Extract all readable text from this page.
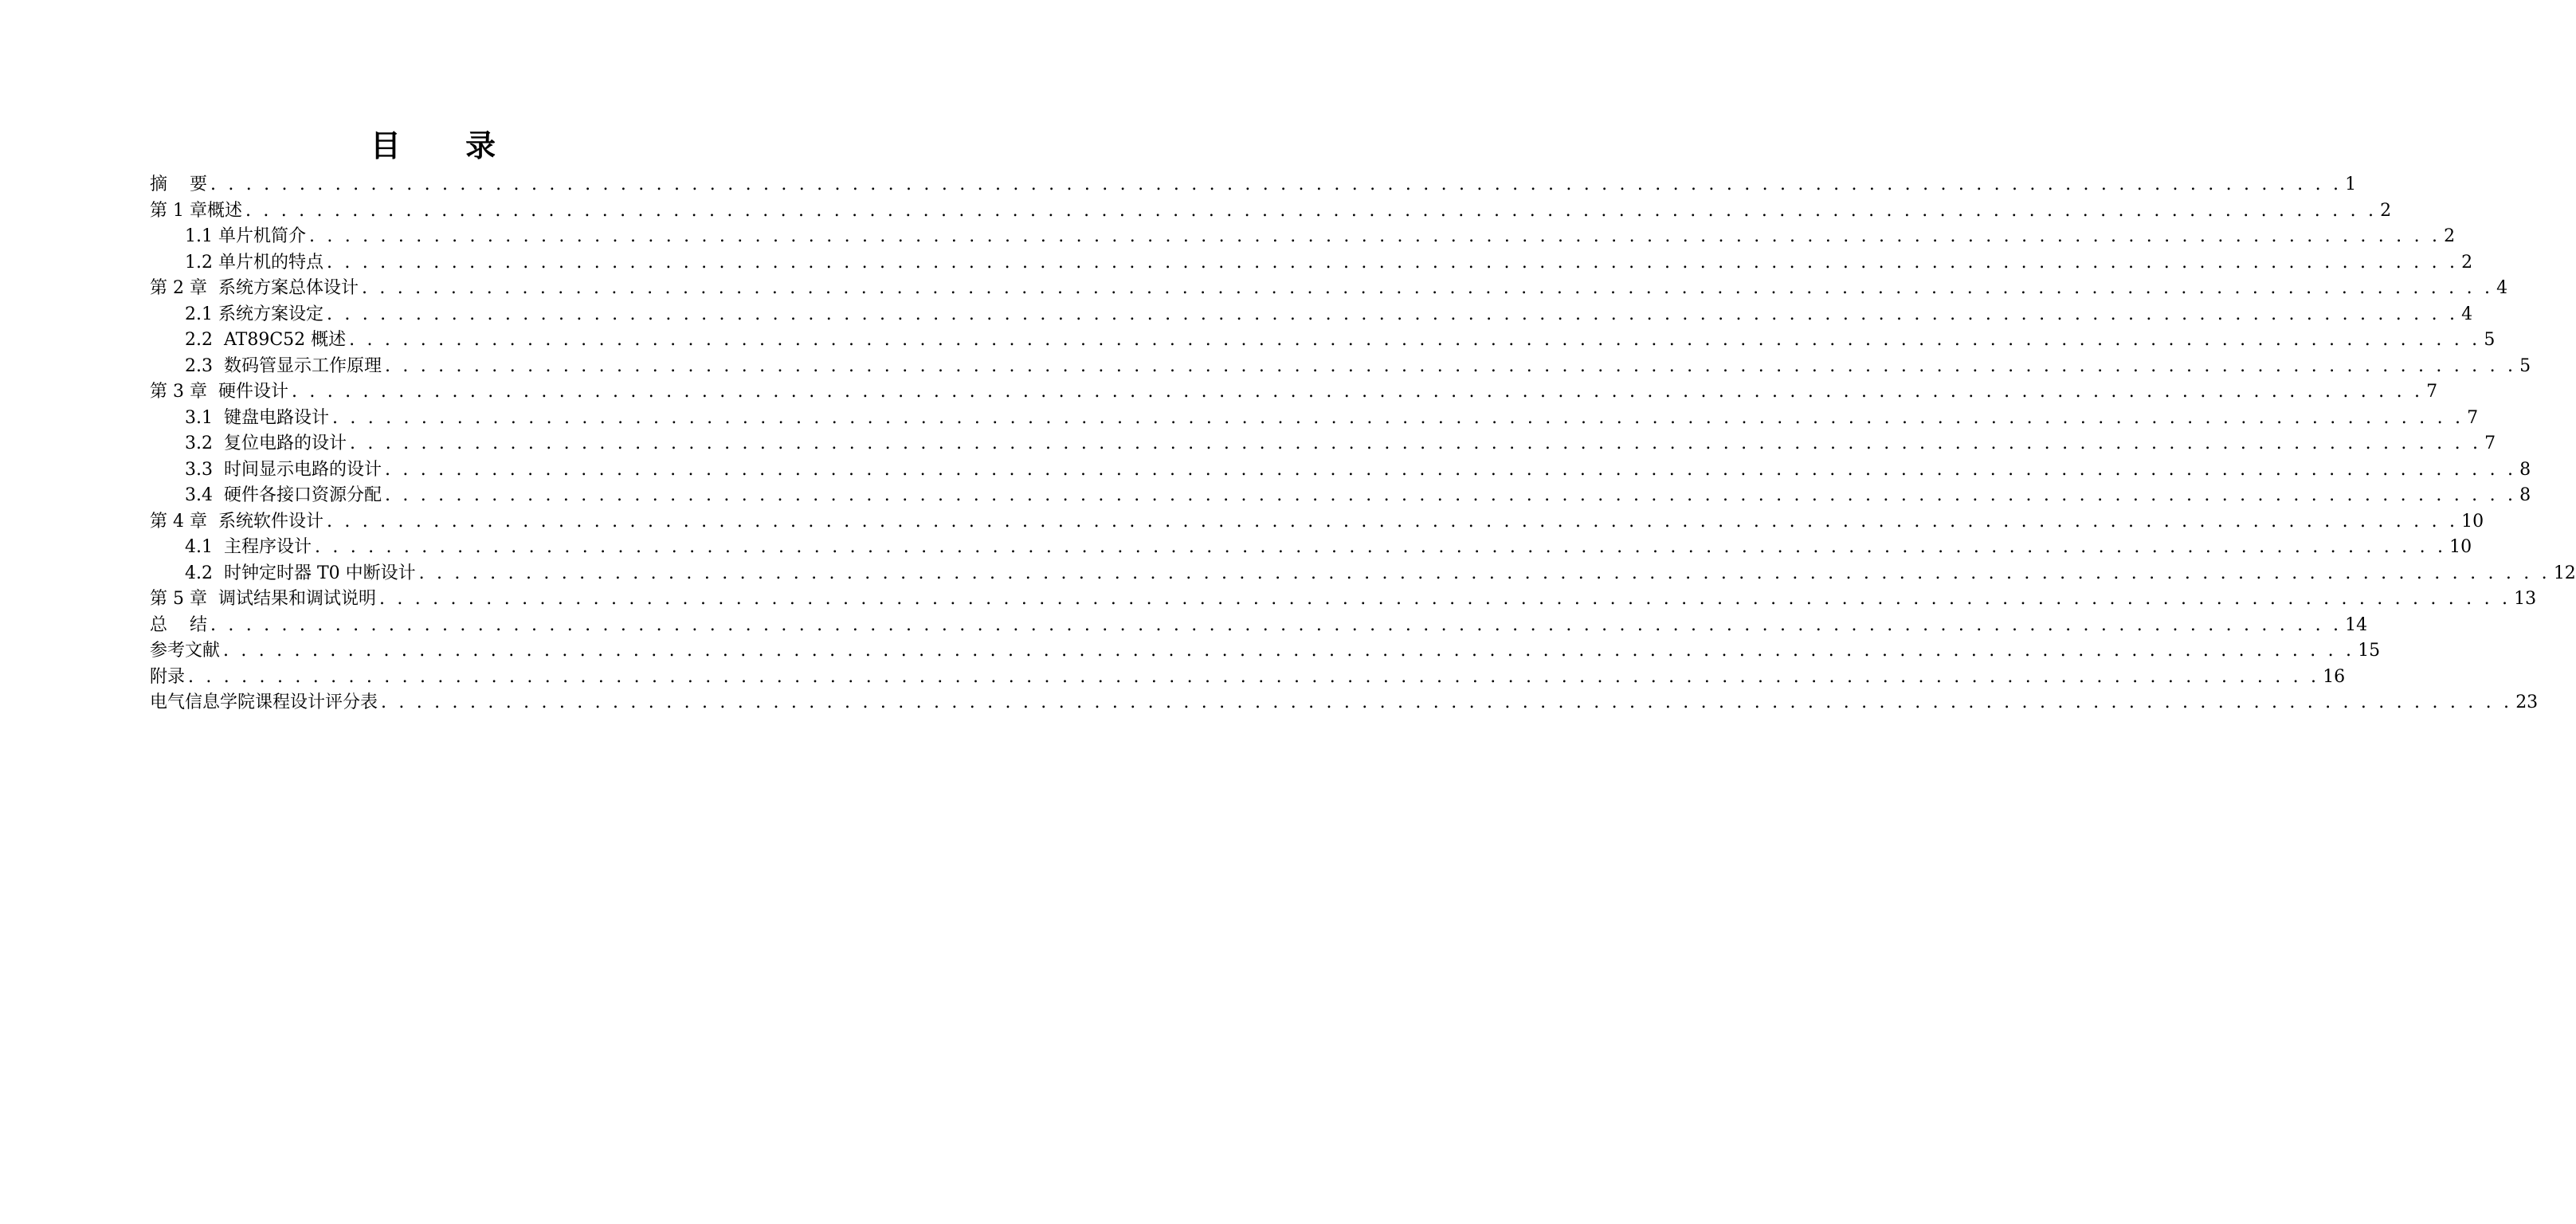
目 录
摘    要 . . . . . . . . . . . . . . . . . . . . . . . . . . . . . . . . . . . . . . . . . . . . . . . . . . . . . . . . . . . . . . . . . . . . . . . . . . . . . . . . . . . . . . . . . . . . . . . . . . . . . . . . . . . . . . . . . . . . . . . . 1
第 1 章概述 . . . . . . . . . . . . . . . . . . . . . . . . . . . . . . . . . . . . . . . . . . . . . . . . . . . . . . . . . . . . . . . . . . . . . . . . . . . . . . . . . . . . . . . . . . . . . . . . . . . . . . . . . . . . . . . . . . . . . . . . 2
1.1 单片机简介 . . . . . . . . . . . . . . . . . . . . . . . . . . . . . . . . . . . . . . . . . . . . . . . . . . . . . . . . . . . . . . . . . . . . . . . . . . . . . . . . . . . . . . . . . . . . . . . . . . . . . . . . . . . . . . . . . . . . . . . . 2
1.2 单片机的特点 . . . . . . . . . . . . . . . . . . . . . . . . . . . . . . . . . . . . . . . . . . . . . . . . . . . . . . . . . . . . . . . . . . . . . . . . . . . . . . . . . . . . . . . . . . . . . . . . . . . . . . . . . . . . . . . . . . . . . . . . 2
第 2 章  系统方案总体设计 . . . . . . . . . . . . . . . . . . . . . . . . . . . . . . . . . . . . . . . . . . . . . . . . . . . . . . . . . . . . . . . . . . . . . . . . . . . . . . . . . . . . . . . . . . . . . . . . . . . . . . . . . . . . . . . . . . . . . . . . 4
2.1 系统方案设定 . . . . . . . . . . . . . . . . . . . . . . . . . . . . . . . . . . . . . . . . . . . . . . . . . . . . . . . . . . . . . . . . . . . . . . . . . . . . . . . . . . . . . . . . . . . . . . . . . . . . . . . . . . . . . . . . . . . . . . . . 4
2.2  AT89C52 概述 . . . . . . . . . . . . . . . . . . . . . . . . . . . . . . . . . . . . . . . . . . . . . . . . . . . . . . . . . . . . . . . . . . . . . . . . . . . . . . . . . . . . . . . . . . . . . . . . . . . . . . . . . . . . . . . . . . . . . . . . 5
2.3  数码管显示工作原理 . . . . . . . . . . . . . . . . . . . . . . . . . . . . . . . . . . . . . . . . . . . . . . . . . . . . . . . . . . . . . . . . . . . . . . . . . . . . . . . . . . . . . . . . . . . . . . . . . . . . . . . . . . . . . . . . . . . . . . . . 5
第 3 章  硬件设计 . . . . . . . . . . . . . . . . . . . . . . . . . . . . . . . . . . . . . . . . . . . . . . . . . . . . . . . . . . . . . . . . . . . . . . . . . . . . . . . . . . . . . . . . . . . . . . . . . . . . . . . . . . . . . . . . . . . . . . . . 7
3.1  键盘电路设计 . . . . . . . . . . . . . . . . . . . . . . . . . . . . . . . . . . . . . . . . . . . . . . . . . . . . . . . . . . . . . . . . . . . . . . . . . . . . . . . . . . . . . . . . . . . . . . . . . . . . . . . . . . . . . . . . . . . . . . . . 7
3.2  复位电路的设计 . . . . . . . . . . . . . . . . . . . . . . . . . . . . . . . . . . . . . . . . . . . . . . . . . . . . . . . . . . . . . . . . . . . . . . . . . . . . . . . . . . . . . . . . . . . . . . . . . . . . . . . . . . . . . . . . . . . . . . . . 7
3.3  时间显示电路的设计 . . . . . . . . . . . . . . . . . . . . . . . . . . . . . . . . . . . . . . . . . . . . . . . . . . . . . . . . . . . . . . . . . . . . . . . . . . . . . . . . . . . . . . . . . . . . . . . . . . . . . . . . . . . . . . . . . . . . . . . . 8
3.4  硬件各接口资源分配 . . . . . . . . . . . . . . . . . . . . . . . . . . . . . . . . . . . . . . . . . . . . . . . . . . . . . . . . . . . . . . . . . . . . . . . . . . . . . . . . . . . . . . . . . . . . . . . . . . . . . . . . . . . . . . . . . . . . . . . . 8
第 4 章  系统软件设计 . . . . . . . . . . . . . . . . . . . . . . . . . . . . . . . . . . . . . . . . . . . . . . . . . . . . . . . . . . . . . . . . . . . . . . . . . . . . . . . . . . . . . . . . . . . . . . . . . . . . . . . . . . . . . . . . . . . . . . . . 10
4.1  主程序设计 . . . . . . . . . . . . . . . . . . . . . . . . . . . . . . . . . . . . . . . . . . . . . . . . . . . . . . . . . . . . . . . . . . . . . . . . . . . . . . . . . . . . . . . . . . . . . . . . . . . . . . . . . . . . . . . . . . . . . . . . 10
4.2  时钟定时器 T0 中断设计 . . . . . . . . . . . . . . . . . . . . . . . . . . . . . . . . . . . . . . . . . . . . . . . . . . . . . . . . . . . . . . . . . . . . . . . . . . . . . . . . . . . . . . . . . . . . . . . . . . . . . . . . . . . . . . . . . . . . . . . . 12
第 5 章  调试结果和调试说明 . . . . . . . . . . . . . . . . . . . . . . . . . . . . . . . . . . . . . . . . . . . . . . . . . . . . . . . . . . . . . . . . . . . . . . . . . . . . . . . . . . . . . . . . . . . . . . . . . . . . . . . . . . . . . . . . . . . . . . . . 13
总    结 . . . . . . . . . . . . . . . . . . . . . . . . . . . . . . . . . . . . . . . . . . . . . . . . . . . . . . . . . . . . . . . . . . . . . . . . . . . . . . . . . . . . . . . . . . . . . . . . . . . . . . . . . . . . . . . . . . . . . . . . 14
参考文献 . . . . . . . . . . . . . . . . . . . . . . . . . . . . . . . . . . . . . . . . . . . . . . . . . . . . . . . . . . . . . . . . . . . . . . . . . . . . . . . . . . . . . . . . . . . . . . . . . . . . . . . . . . . . . . . . . . . . . . . . 15
附录 . . . . . . . . . . . . . . . . . . . . . . . . . . . . . . . . . . . . . . . . . . . . . . . . . . . . . . . . . . . . . . . . . . . . . . . . . . . . . . . . . . . . . . . . . . . . . . . . . . . . . . . . . . . . . . . . . . . . . . . . 16
电气信息学院课程设计评分表 . . . . . . . . . . . . . . . . . . . . . . . . . . . . . . . . . . . . . . . . . . . . . . . . . . . . . . . . . . . . . . . . . . . . . . . . . . . . . . . . . . . . . . . . . . . . . . . . . . . . . . . . . . . . . . . . . . . . . . . . 23
